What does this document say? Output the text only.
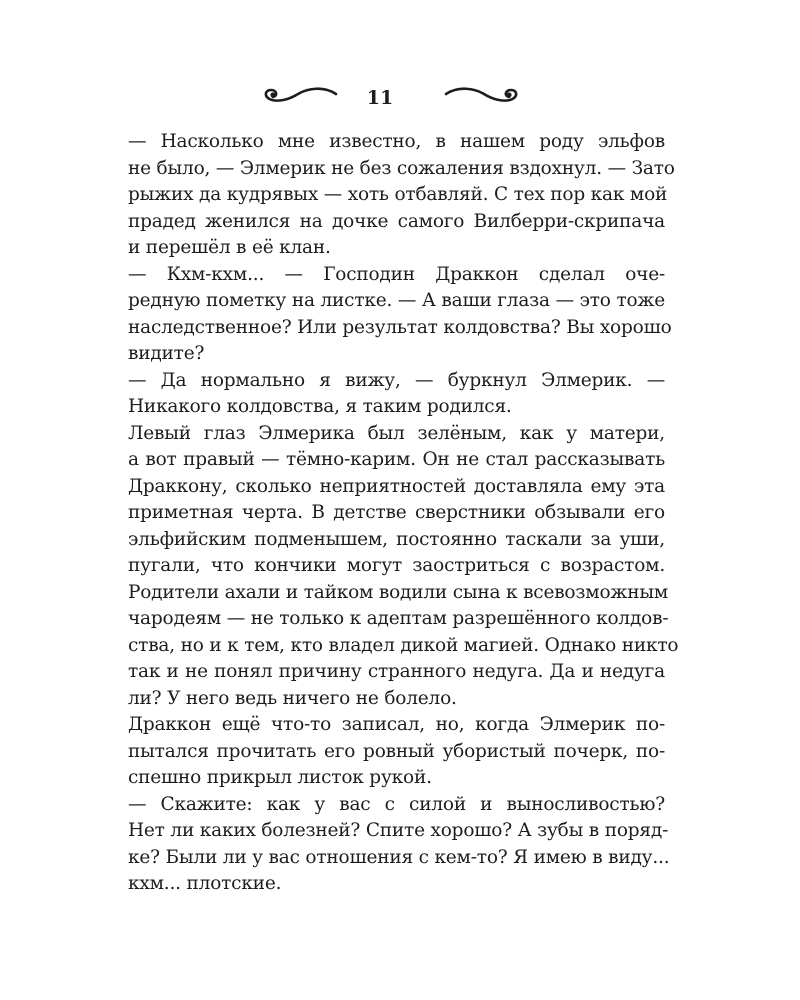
11

— Насколько мне известно, в нашем роду эльфов
не было, — Элмерик не без сожаления вздохнул. — Зато
рыжих да кудрявых — хоть отбавляй. С тех пор как мой
прадед женился на дочке самого Вилберри-скрипача
и перешёл в её клан.

— Кхм-кхм... — Господин Драккон сделал оче-
редную пометку на листке. — А ваши глаза — это тоже
наследственное? Или результат колдовства? Вы хорошо
видите?

— Да нормально я вижу, — буркнул Элмерик. —
Никакого колдовства, я таким родился.

Левый глаз Элмерика был зелёным, как у матери,
а вот правый — тёмно-карим. Он не стал рассказывать
Драккону, сколько неприятностей доставляла ему эта
приметная черта. В детстве сверстники обзывали его
эльфийским подменышем, постоянно таскали за уши,
пугали, что кончики могут заостриться с возрастом.
Родители ахали и тайком водили сына к всевозможным
чародеям — не только к адептам разрешённого колдов-
ства, но и к тем, кто владел дикой магией. Однако никто
так и не понял причину странного недуга. Да и недуга
ли? У него ведь ничего не болело.

Драккон ещё что-то записал, но, когда Элмерик по-
пытался прочитать его ровный убористый почерк, по-
спешно прикрыл листок рукой.

— Скажите: как у вас с силой и выносливостью?
Нет ли каких болезней? Спите хорошо? А зубы в поряд-
ке? Были ли у вас отношения с кем-то? Я имею в виду...
кхм... плотские.
